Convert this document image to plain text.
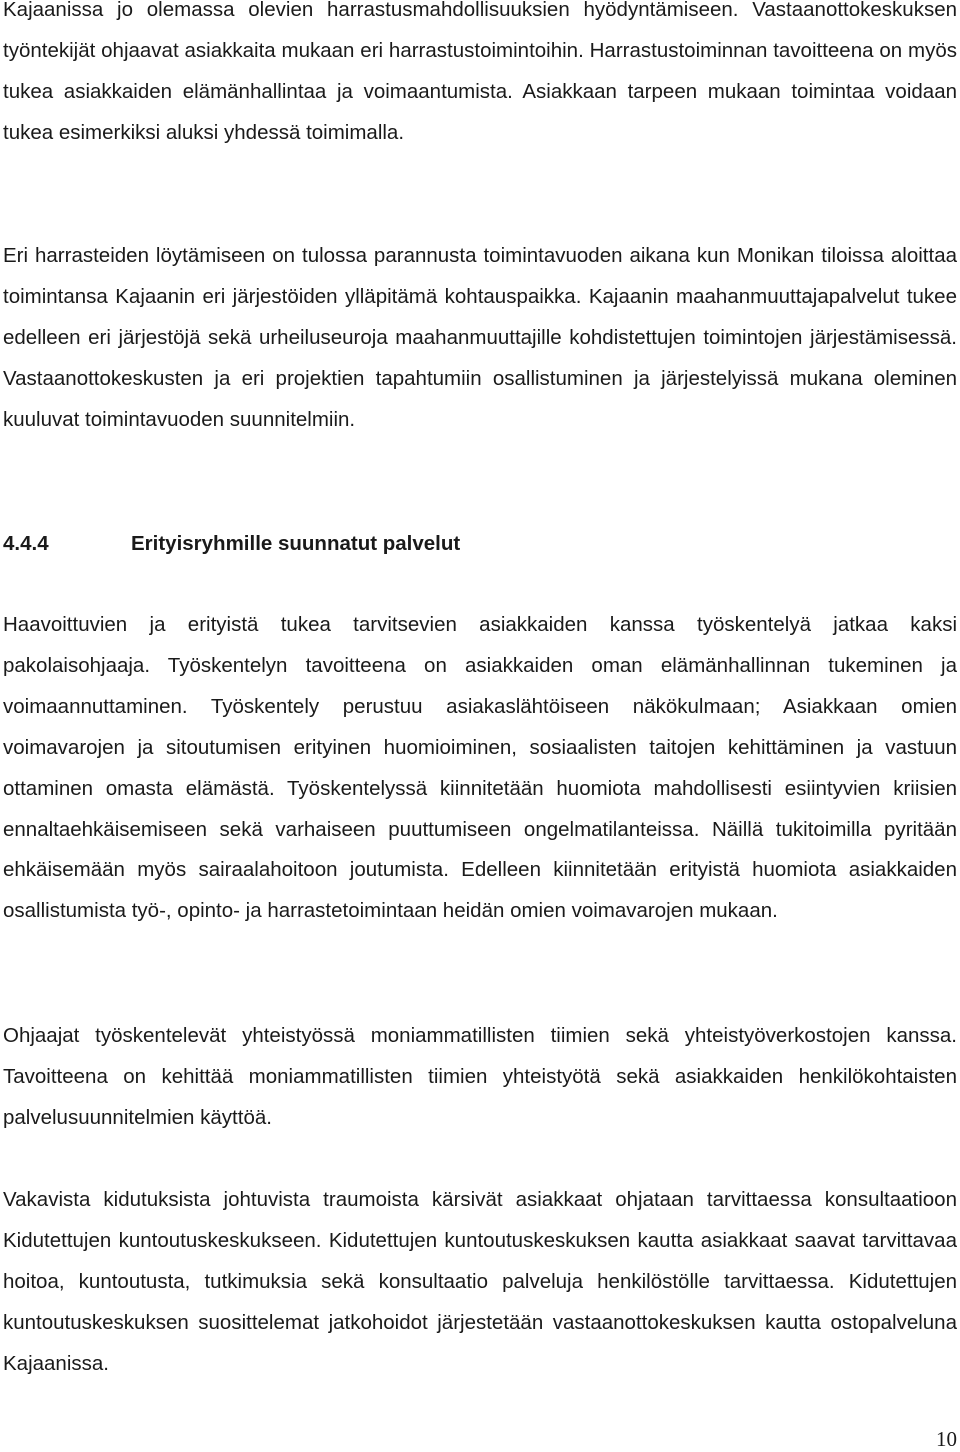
Kajaanissa jo olemassa olevien harrastusmahdollisuuksien hyödyntämiseen. Vastaanottokeskuksen työntekijät ohjaavat asiakkaita mukaan eri harrastustoimintoihin. Harrastustoiminnan tavoitteena on myös tukea asiakkaiden elämänhallintaa ja voimaantumista. Asiakkaan tarpeen mukaan toimintaa voidaan tukea esimerkiksi aluksi yhdessä toimimalla.

Eri harrasteiden löytämiseen on tulossa parannusta toimintavuoden aikana kun Monikan tiloissa aloittaa toimintansa Kajaanin eri järjestöiden ylläpitämä kohtauspaikka. Kajaanin maahanmuuttajapalvelut tukee edelleen eri järjestöjä sekä urheiluseuroja maahanmuuttajille kohdistettujen toimintojen järjestämisessä. Vastaanottokeskusten ja eri projektien tapahtumiin osallistuminen ja järjestelyissä mukana oleminen kuuluvat toimintavuoden suunnitelmiin.

4.4.4	Erityisryhmille suunnatut palvelut

Haavoittuvien ja erityistä tukea tarvitsevien asiakkaiden kanssa työskentelyä jatkaa kaksi pakolaisohjaaja. Työskentelyn tavoitteena on asiakkaiden oman elämänhallinnan tukeminen ja voimaannuttaminen. Työskentely perustuu asiakaslähtöiseen näkökulmaan; Asiakkaan omien voimavarojen ja sitoutumisen erityinen huomioiminen, sosiaalisten taitojen kehittäminen ja vastuun ottaminen omasta elämästä. Työskentelyssä kiinnitetään huomiota mahdollisesti esiintyvien kriisien ennaltaehkäisemiseen sekä varhaiseen puuttumiseen ongelmatilanteissa. Näillä tukitoimilla pyritään ehkäisemään myös sairaalahoitoon joutumista. Edelleen kiinnitetään erityistä huomiota asiakkaiden osallistumista työ-, opinto- ja harrastetoimintaan heidän omien voimavarojen mukaan.

Ohjaajat työskentelevät yhteistyössä moniammatillisten tiimien sekä yhteistyöverkostojen kanssa. Tavoitteena on kehittää moniammatillisten tiimien yhteistyötä sekä asiakkaiden henkilökohtaisten palvelusuunnitelmien käyttöä.

Vakavista kidutuksista johtuvista traumoista kärsivät asiakkaat ohjataan tarvittaessa konsultaatioon Kidutettujen kuntoutuskeskukseen. Kidutettujen kuntoutuskeskuksen kautta asiakkaat saavat tarvittavaa hoitoa, kuntoutusta, tutkimuksia sekä konsultaatio palveluja henkilöstölle tarvittaessa. Kidutettujen kuntoutuskeskuksen suosittelemat jatkohoidot järjestetään vastaanottokeskuksen kautta ostopalveluna Kajaanissa.

10
